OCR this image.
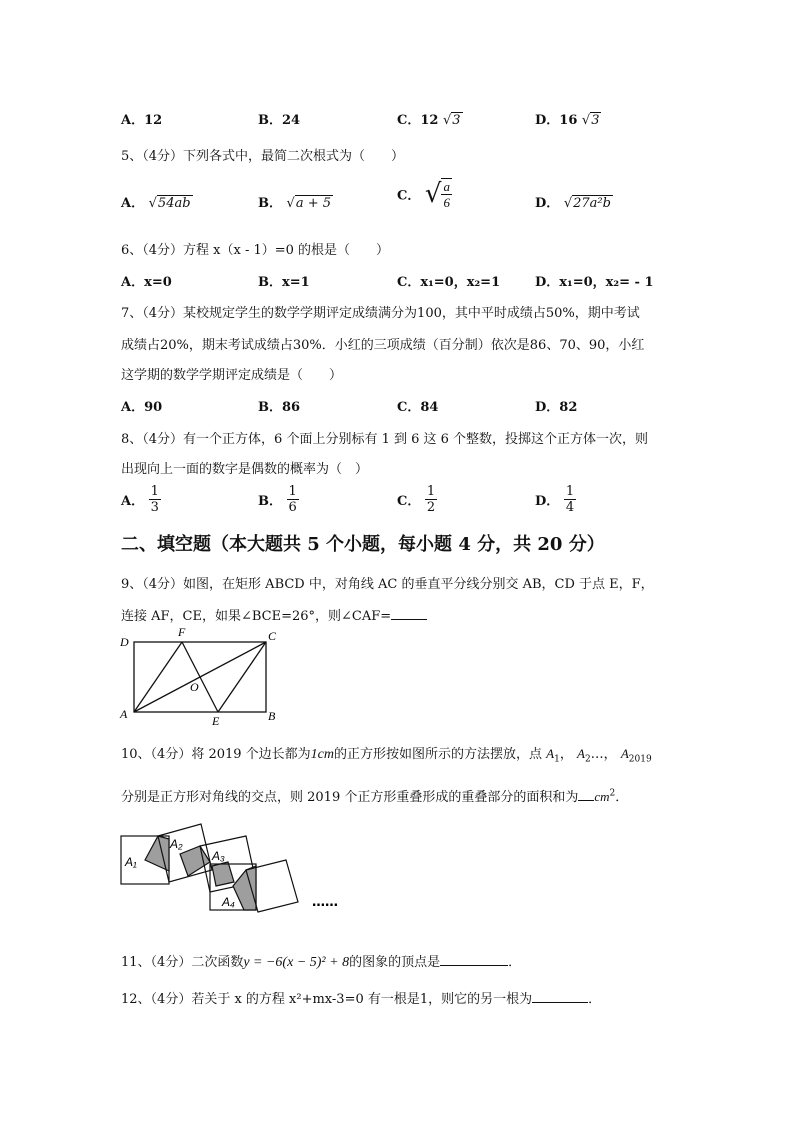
A．12	B．24	C．12 √3	D．16 √3
5、（4分）下列各式中，最简二次根式为（　　）
A． √54ab	B． √a + 5	C． √ $\frac{a}{6}$	D． √27a²b
6、（4分）方程 x（x - 1）=0 的根是（　　）
A．x=0	B．x=1	C．x₁=0，x₂=1	D．x₁=0，x₂= - 1
7、（4分）某校规定学生的数学学期评定成绩满分为100，其中平时成绩占50%，期中考试
成绩占20%，期末考试成绩占30%．小红的三项成绩（百分制）依次是86、70、90，小红
这学期的数学学期评定成绩是（　　）
A．90	B．86	C．84	D．82
8、（4分）有一个正方体，6 个面上分别标有 1 到 6 这 6 个整数，投掷这个正方体一次，则
出现向上一面的数字是偶数的概率为（　）
A． $\frac{1}{3}$	B． $\frac{1}{6}$	C． $\frac{1}{2}$	D． $\frac{1}{4}$
二、填空题（本大题共 5 个小题，每小题 4 分，共 20 分）
9、（4分）如图，在矩形 ABCD 中，对角线 AC 的垂直平分线分别交 AB，CD 于点 E，F，
连接 AF，CE，如果∠BCE=26°，则∠CAF=
D
F	C
O
A	E	B
10、（4分）将 2019 个边长都为1cm的正方形按如图所示的方法摆放，点 $A_1$， $A_2\dots$， $A_{2019}$
分别是正方形对角线的交点，则 2019 个正方形重叠形成的重叠部分的面积和为 $cm^2$．
A₁
A₂
A₃
A₄	……
11、（4分）二次函数y = −6(x − 5)² + 8的图象的顶点是	．
12、（4分）若关于 x 的方程 x²+mx-3=0 有一根是1，则它的另一根为	．
